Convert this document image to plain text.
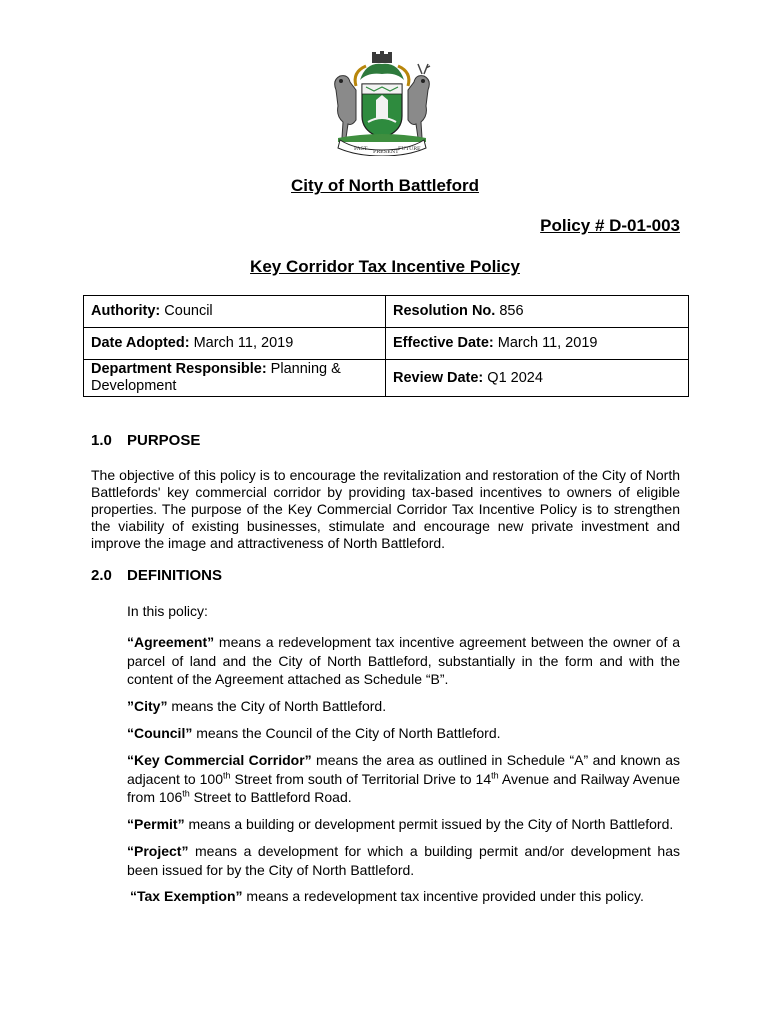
PAST PRESENT FUTURE
City of North Battleford
Policy # D-01-003
Key Corridor Tax Incentive Policy
Authority: Council	Resolution No. 856
Date Adopted: March 11, 2019	Effective Date: March 11, 2019
Department Responsible: Planning & Development	Review Date: Q1 2024
1.0 PURPOSE
The objective of this policy is to encourage the revitalization and restoration of the City of North Battlefords' key commercial corridor by providing tax-based incentives to owners of eligible properties. The purpose of the Key Commercial Corridor Tax Incentive Policy is to strengthen the viability of existing businesses, stimulate and encourage new private investment and improve the image and attractiveness of North Battleford.
2.0 DEFINITIONS
In this policy:
“Agreement” means a redevelopment tax incentive agreement between the owner of a parcel of land and the City of North Battleford, substantially in the form and with the content of the Agreement attached as Schedule “B”.
”City” means the City of North Battleford.
“Council” means the Council of the City of North Battleford.
“Key Commercial Corridor” means the area as outlined in Schedule “A” and known as adjacent to 100th Street from south of Territorial Drive to 14th Avenue and Railway Avenue from 106th Street to Battleford Road.
“Permit” means a building or development permit issued by the City of North Battleford.
“Project” means a development for which a building permit and/or development has been issued for by the City of North Battleford.
“Tax Exemption” means a redevelopment tax incentive provided under this policy.
